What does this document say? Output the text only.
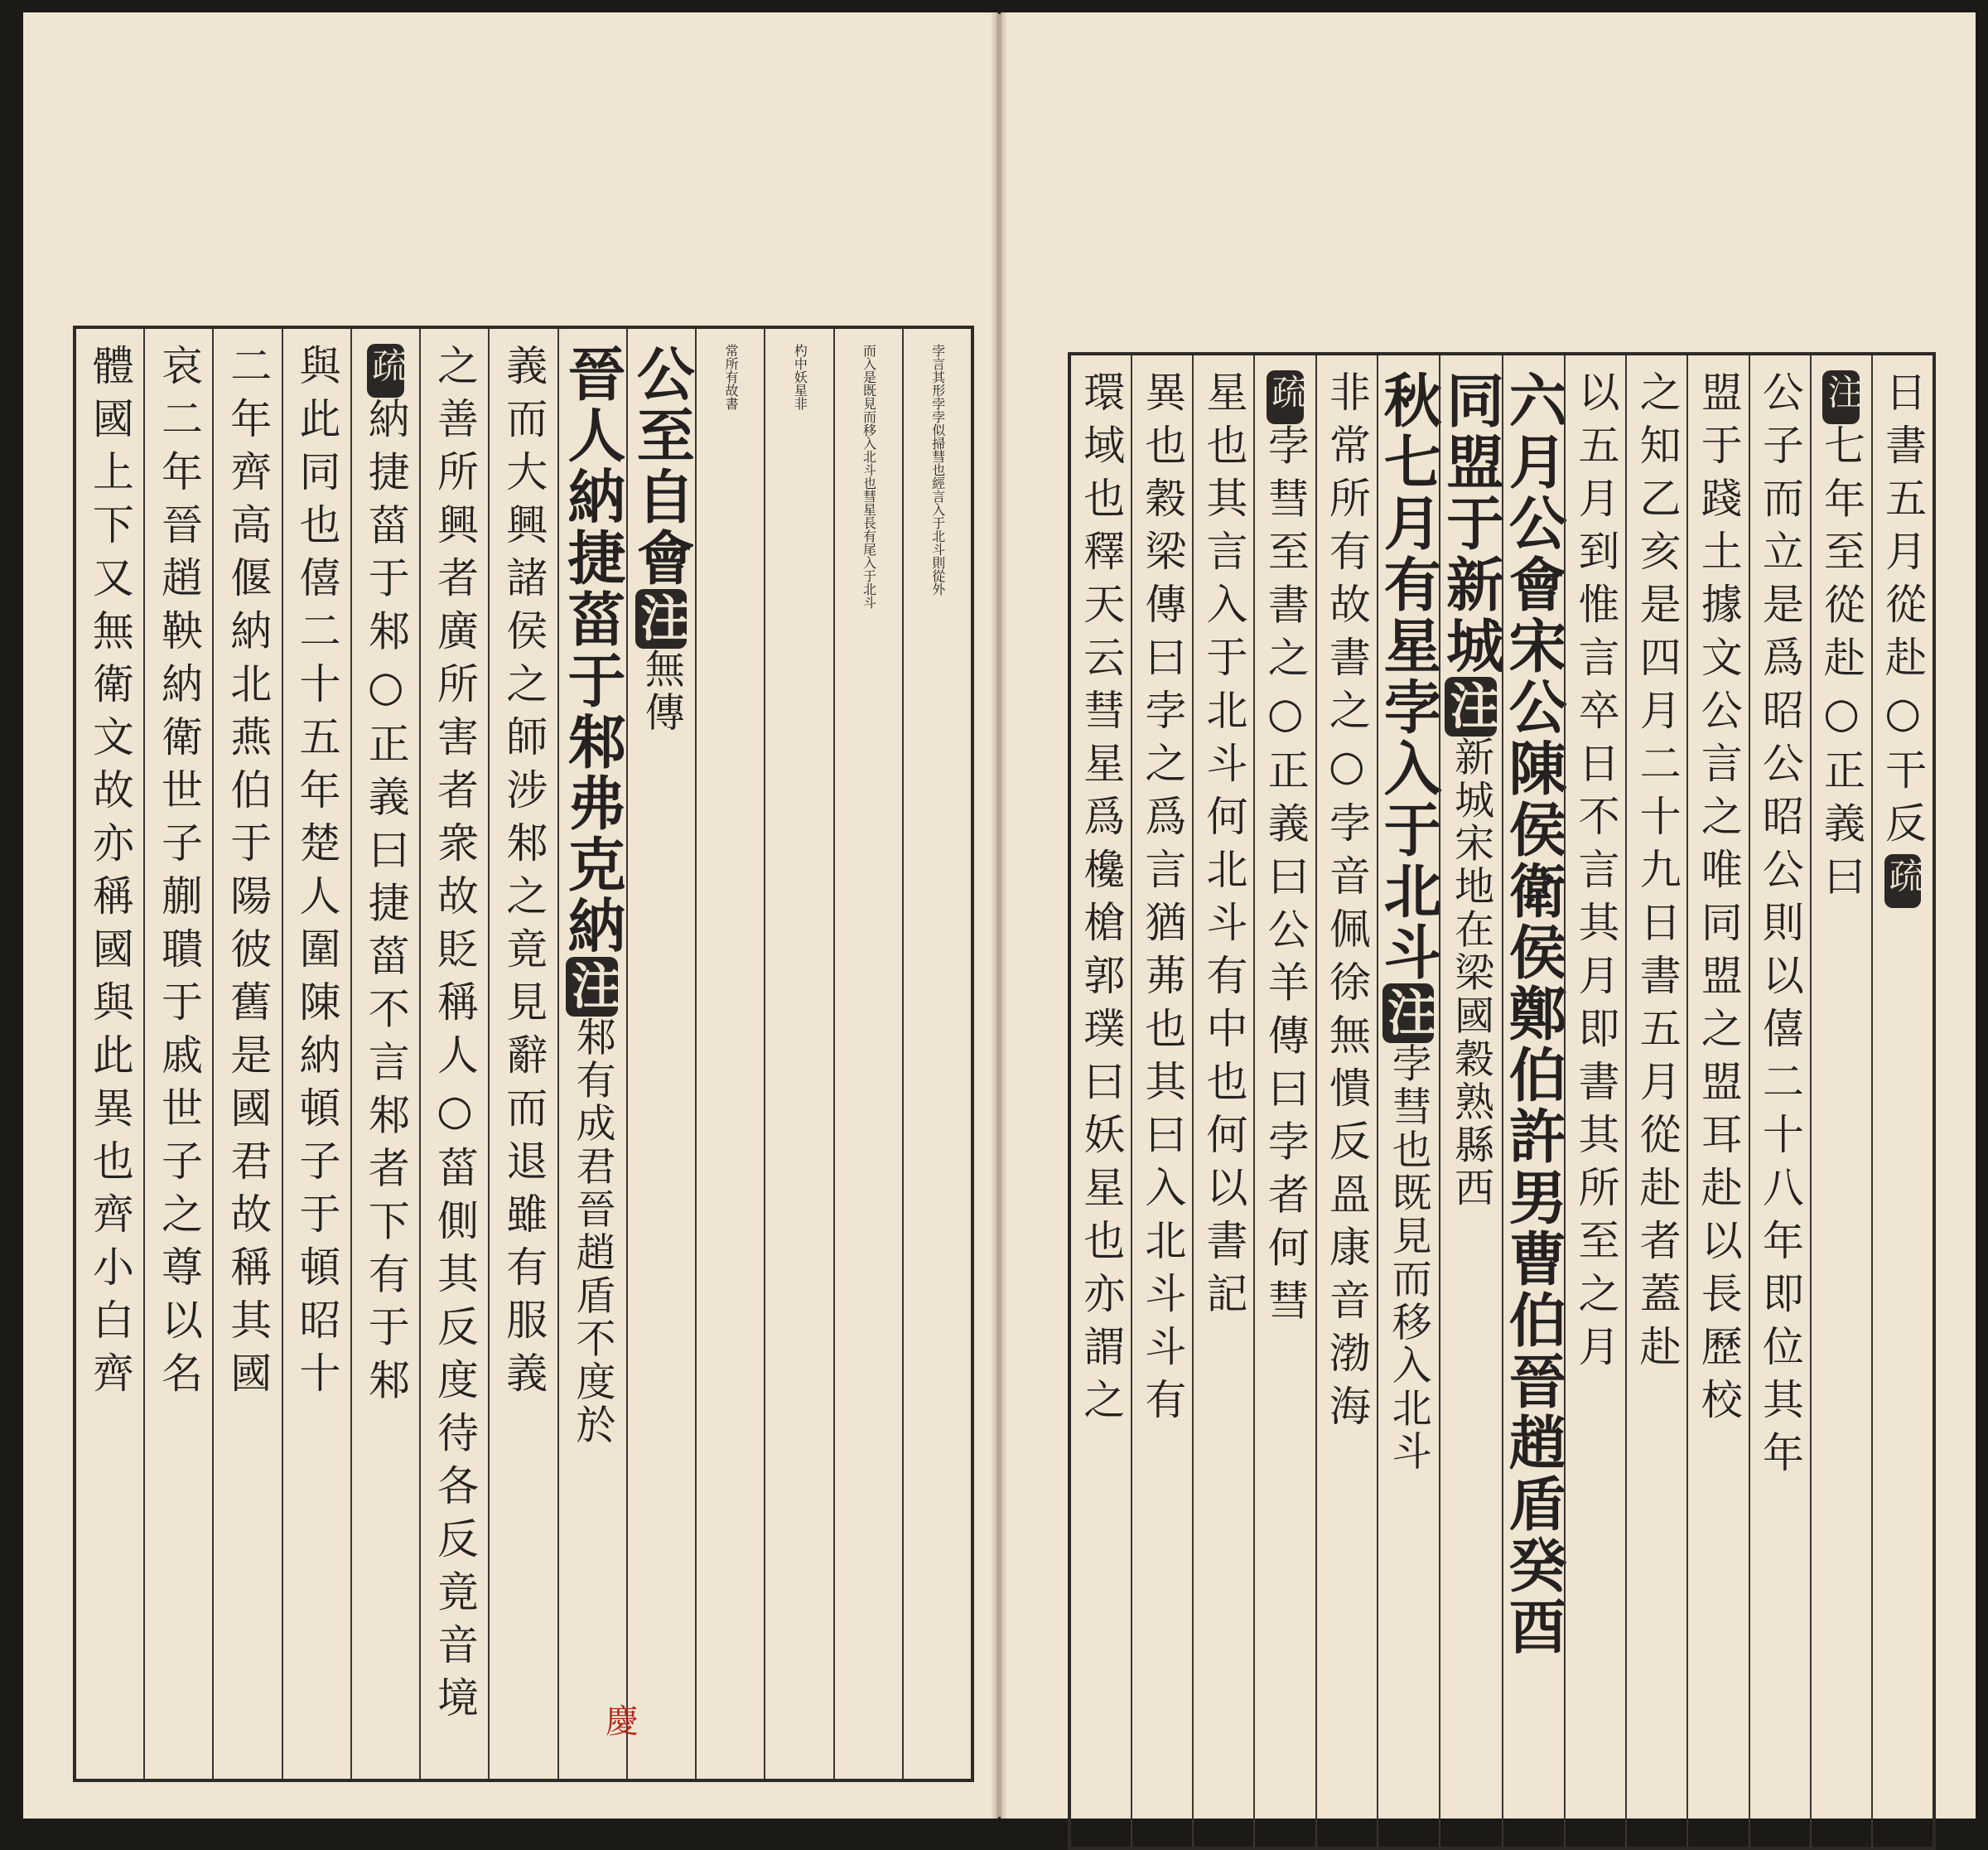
孛言其形孛孛似掃彗也經言入于北斗則從外
而入是既見而移入北斗也彗星長有尾入于北斗
杓中妖星非
常所有故書
公至自會注無傳
晉人納捷菑于邾弗克納注邾有成君晉趙盾不度於
義而大興諸侯之師涉邾之竟見辭而退雖有服義
之善所興者廣所害者衆故貶稱人○菑側其反度待各反竟音境
疏納捷菑于邾○正義曰捷菑不言邾者下有于邾
與此同也僖二十五年楚人圍陳納頓子于頓昭十
二年齊高偃納北燕伯于陽彼舊是國君故稱其國
哀二年晉趙鞅納衛世子蒯聵于戚世子之尊以名
體國上下又無衛文故亦稱國與此異也齊小白齊
慶
日書五月從赴○干反疏
注七年至從赴○正義曰
公子而立是爲昭公昭公則以僖二十八年即位其年
盟于踐土據文公言之唯同盟之盟耳赴以長歷校
之知乙亥是四月二十九日書五月從赴者蓋赴
以五月到惟言卒日不言其月即書其所至之月
六月公會宋公陳侯衛侯鄭伯許男曹伯晉趙盾癸酉
同盟于新城注新城宋地在梁國穀熟縣西
秋七月有星孛入于北斗注孛彗也既見而移入北斗
非常所有故書之○孛音佩徐無憒反𥁕康音渤海
疏孛彗至書之○正義曰公羊傳曰孛者何彗
星也其言入于北斗何北斗有中也何以書記
異也穀梁傳曰孛之爲言猶茀也其曰入北斗斗有
環域也釋天云彗星爲欃槍郭璞曰妖星也亦謂之
